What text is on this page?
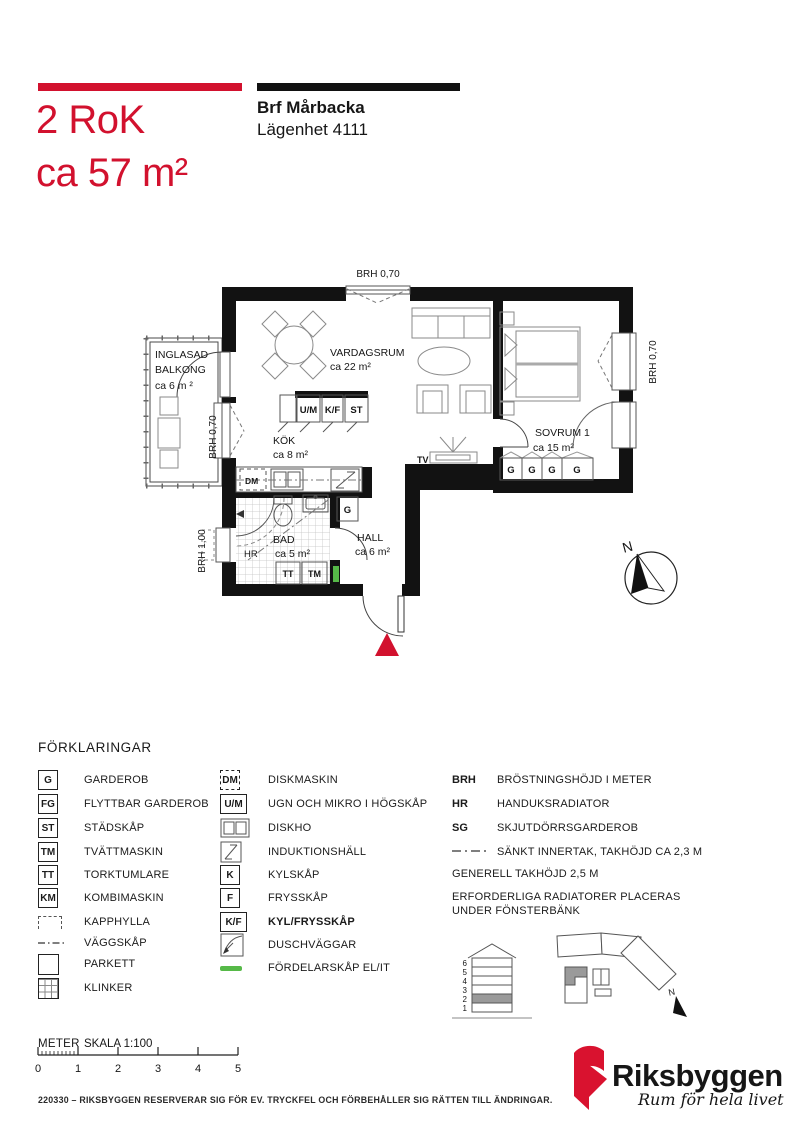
2 RoK
ca 57 m²
Brf Mårbacka
Lägenhet 4111
N
BRH 0,70
BRH 0,70
BRH 0,70
BRH 1,00
INGLASAD
BALKONG
ca 6 m ²
VARDAGSRUM
ca 22 m²
KÖK
ca 8 m²
SOVRUM 1
ca 15 m²
BAD
ca 5 m²
HALL
ca 6 m²
TV
DM
U/M K/F ST
G
HR
TT TM
G G G G
FÖRKLARINGAR
G	GARDEROB
FG	FLYTTBAR GARDEROB
ST	STÄDSKÅP
TM	TVÄTTMASKIN
TT	TORKTUMLARE
KM	KOMBIMASKIN
KAPPHYLLA
VÄGGSKÅP
PARKETT
KLINKER
DM	DISKMASKIN
U/M	UGN OCH MIKRO I HÖGSKÅP
DISKHO
INDUKTIONSHÄLL
K	KYLSKÅP
F	FRYSSKÅP
K/F	KYL/FRYSSKÅP
DUSCHVÄGGAR
FÖRDELARSKÅP EL/IT
BRH	BRÖSTNINGSHÖJD I METER
HR	HANDUKSRADIATOR
SG	SKJUTDÖRRSGARDEROB
SÄNKT INNERTAK, TAKHÖJD CA 2,3 M
GENERELL TAKHÖJD 2,5 M
ERFORDERLIGA RADIATORER PLACERAS
UNDER FÖNSTERBÄNK
6
5
4
3
2
1
N
METER SKALA 1:100
0	1	2	3	4	5
220330 – RIKSBYGGEN RESERVERAR SIG FÖR EV. TRYCKFEL OCH FÖRBEHÅLLER SIG RÄTTEN TILL ÄNDRINGAR.
Riksbyggen
Rum för hela livet
